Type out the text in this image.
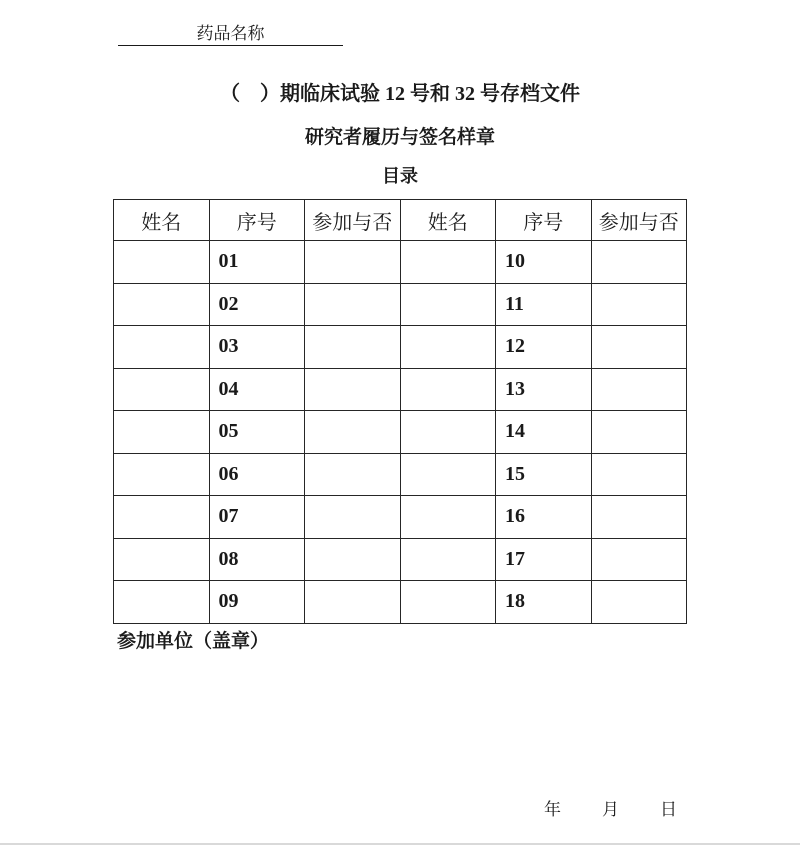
药品名称
（　）期临床试验 12 号和 32 号存档文件
研究者履历与签名样章
目录
姓名	序号	参加与否	姓名	序号	参加与否
	01			10	
	02			11	
	03			12	
	04			13	
	05			14	
	06			15	
	07			16	
	08			17	
	09			18	
参加单位（盖章）
年 月 日
